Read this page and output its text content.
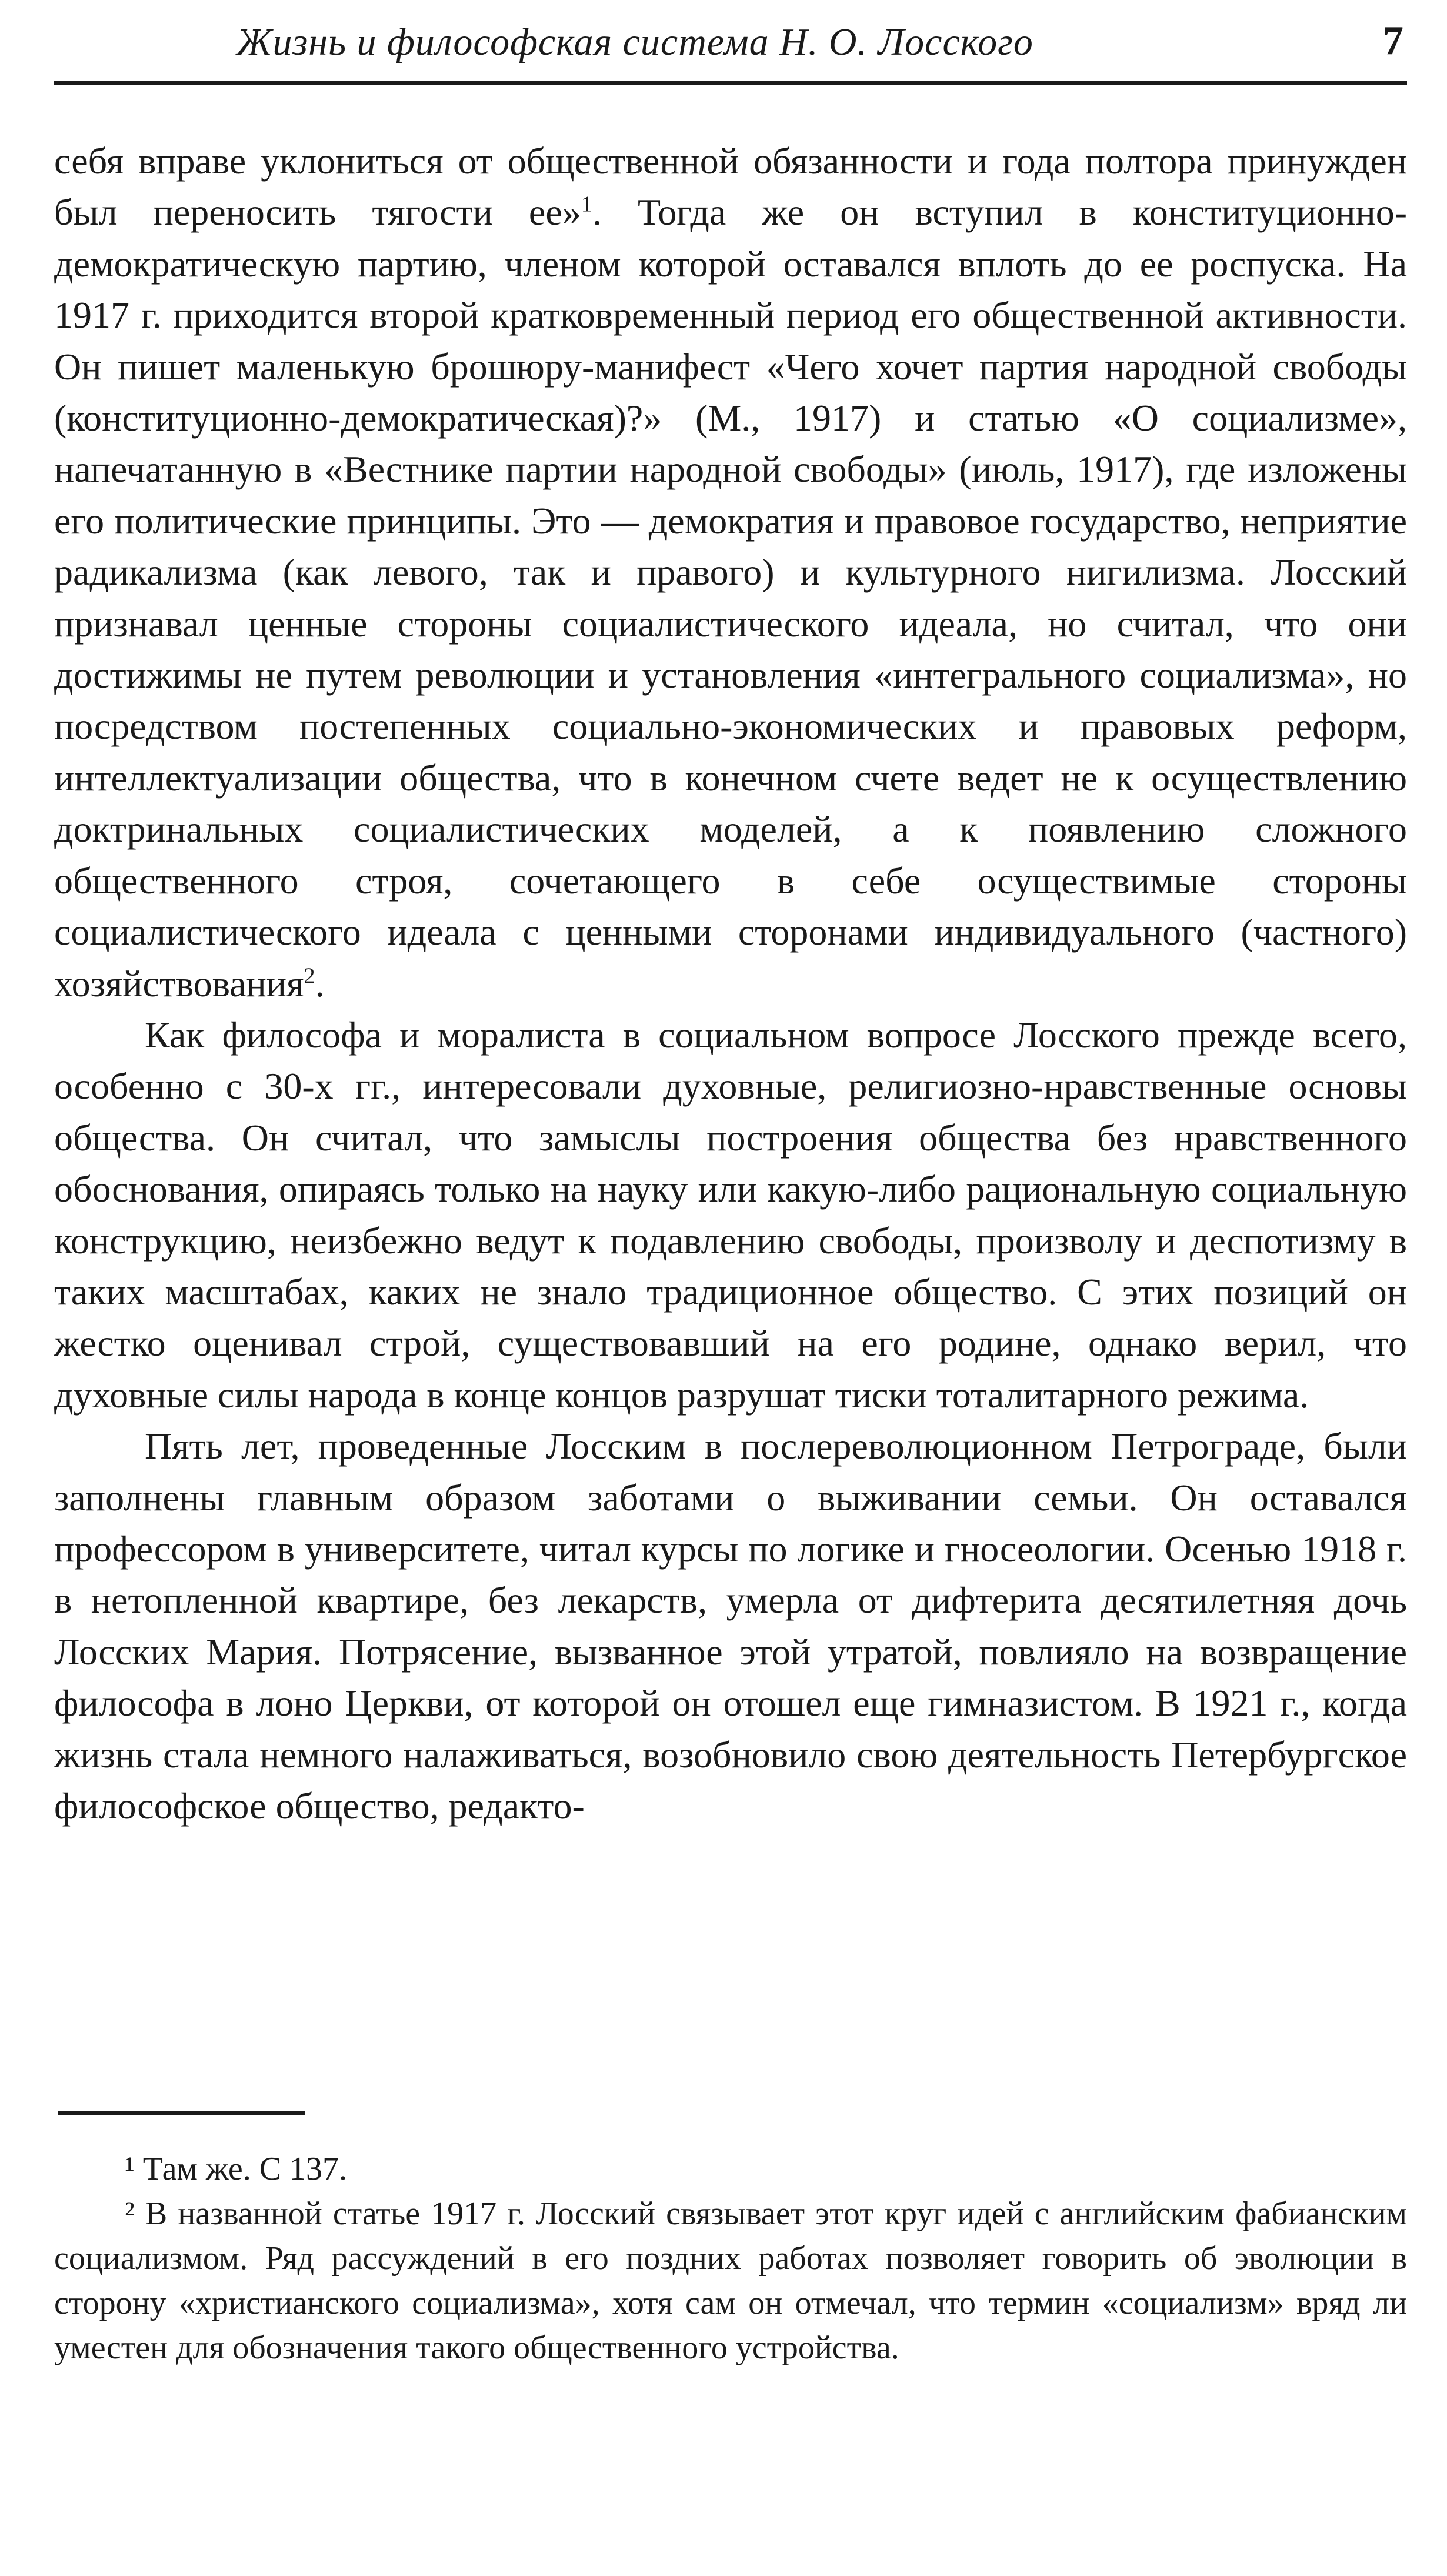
Жизнь и философская система Н. О. Лосского	7

себя вправе уклониться от общественной обязанности и года полтора принужден был переносить тягости ее»$^1$. Тогда же он вступил в конституционно-демократическую партию, членом которой оставался вплоть до ее роспуска. На 1917 г. приходится второй кратковременный период его общественной активности. Он пишет маленькую брошюру-манифест «Чего хочет партия народной свободы (конституционно-демократическая)?» (М., 1917) и статью «О социализме», напечатанную в «Вестнике партии народной свободы» (июль, 1917), где изложены его политические принципы. Это — демократия и правовое государство, неприятие радикализма (как левого, так и правого) и культурного нигилизма. Лосский признавал ценные стороны социалистического идеала, но считал, что они достижимы не путем революции и установления «интегрального социализма», но посредством постепенных социально-экономических и правовых реформ, интеллектуализации общества, что в конечном счете ведет не к осуществлению доктринальных социалистических моделей, а к появлению сложного общественного строя, сочетающего в себе осуществимые стороны социалистического идеала с ценными сторонами индивидуального (частного) хозяйствования$^2$.

Как философа и моралиста в социальном вопросе Лосского прежде всего, особенно с 30-х гг., интересовали духовные, религиозно-нравственные основы общества. Он считал, что замыслы построения общества без нравственного обоснования, опираясь только на науку или какую-либо рациональную социальную конструкцию, неизбежно ведут к подавлению свободы, произволу и деспотизму в таких масштабах, каких не знало традиционное общество. С этих позиций он жестко оценивал строй, существовавший на его родине, однако верил, что духовные силы народа в конце концов разрушат тиски тоталитарного режима.

Пять лет, проведенные Лосским в послереволюционном Петрограде, были заполнены главным образом заботами о выживании семьи. Он оставался профессором в университете, читал курсы по логике и гносеологии. Осенью 1918 г. в нетопленной квартире, без лекарств, умерла от дифтерита десятилетняя дочь Лосских Мария. Потрясение, вызванное этой утратой, повлияло на возвращение философа в лоно Церкви, от которой он отошел еще гимназистом. В 1921 г., когда жизнь стала немного налаживаться, возобновило свою деятельность Петербургское философское общество, редакто-

¹ Там же. С 137.

² В названной статье 1917 г. Лосский связывает этот круг идей с английским фабианским социализмом. Ряд рассуждений в его поздних работах позволяет говорить об эволюции в сторону «христианского социализма», хотя сам он отмечал, что термин «социализм» вряд ли уместен для обозначения такого общественного устройства.
